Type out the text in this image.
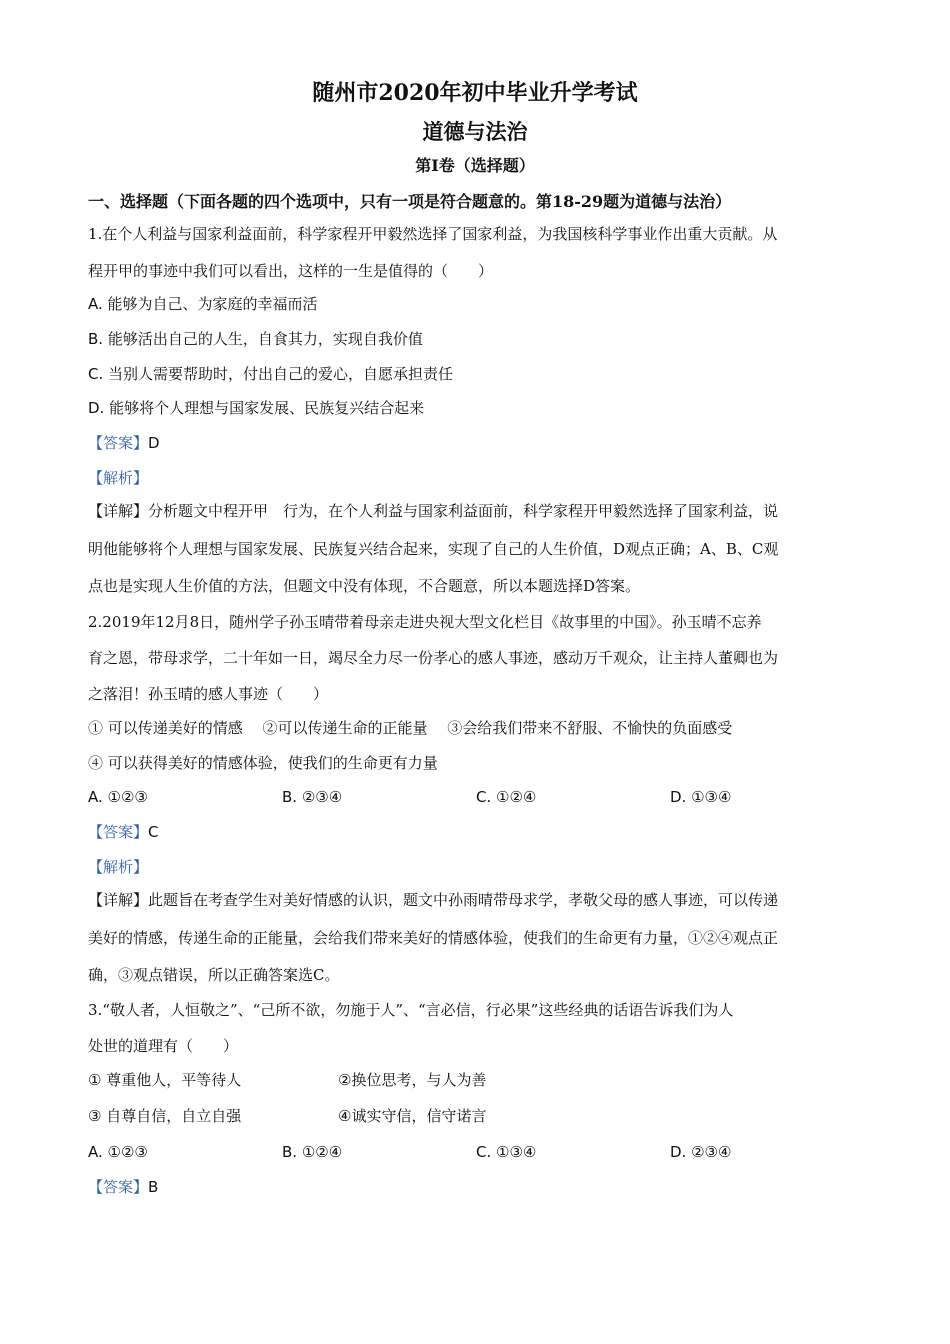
随州市2020年初中毕业升学考试
道德与法治
第Ⅰ卷（选择题）
一、选择题（下面各题的四个选项中，只有一项是符合题意的。第18-29题为道德与法治）
1.在个人利益与国家利益面前，科学家程开甲毅然选择了国家利益，为我国核科学事业作出重大贡献。从
程开甲的事迹中我们可以看出，这样的一生是值得的（　　）
A. 能够为自己、为家庭的幸福而活
B. 能够活出自己的人生，自食其力，实现自我价值
C. 当别人需要帮助时，付出自己的爱心，自愿承担责任
D. 能够将个人理想与国家发展、民族复兴结合起来
【答案】D
【解析】
【详解】分析题文中程开甲　行为，在个人利益与国家利益面前，科学家程开甲毅然选择了国家利益，说
明他能够将个人理想与国家发展、民族复兴结合起来，实现了自己的人生价值，D观点正确；A、B、C观
点也是实现人生价值的方法，但题文中没有体现，不合题意，所以本题选择D答案。
2.2019年12月8日，随州学子孙玉晴带着母亲走进央视大型文化栏目《故事里的中国》。孙玉晴不忘养
育之恩，带母求学，二十年如一日，竭尽全力尽一份孝心的感人事迹，感动万千观众，让主持人董卿也为
之落泪！孙玉晴的感人事迹（　　）
① 可以传递美好的情感　 ②可以传递生命的正能量　 ③会给我们带来不舒服、不愉快的负面感受
④ 可以获得美好的情感体验，使我们的生命更有力量
A. ①②③	B. ②③④	C. ①②④	D. ①③④
【答案】C
【解析】
【详解】此题旨在考查学生对美好情感的认识，题文中孙雨晴带母求学，孝敬父母的感人事迹，可以传递
美好的情感，传递生命的正能量，会给我们带来美好的情感体验，使我们的生命更有力量，①②④观点正
确，③观点错误，所以正确答案选C。
3.“敬人者，人恒敬之”、“己所不欲，勿施于人”、“言必信，行必果”这些经典的话语告诉我们为人
处世的道理有（　　）
① 尊重他人，平等待人	②换位思考，与人为善
③ 自尊自信，自立自强	④诚实守信，信守诺言
A. ①②③	B. ①②④	C. ①③④	D. ②③④
【答案】B
